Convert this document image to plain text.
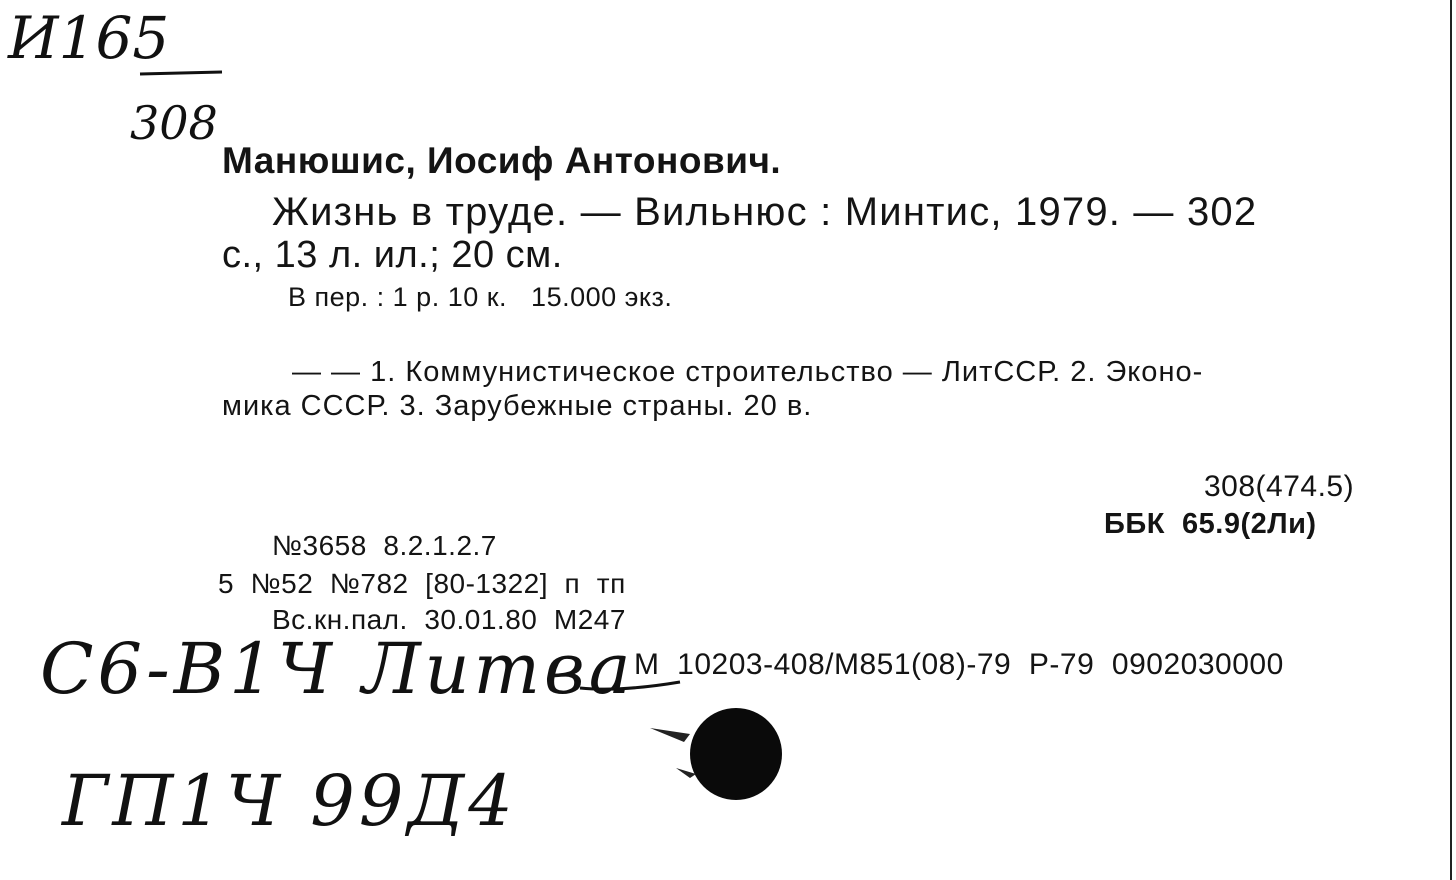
И165
308
Манюшис, Иосиф Антонович.
Жизнь в труде. — Вильнюс : Минтис, 1979. — 302
с., 13 л. ил.; 20 см.
В пер. : 1 р. 10 к.   15.000 экз.
— — 1. Коммунистическое строительство — ЛитССР. 2. Эконо-
мика СССР. 3. Зарубежные страны. 20 в.
308(474.5)
ББК  65.9(2Ли)
№3658  8.2.1.2.7
5  №52  №782  [80-1322]  п  тп
Вс.кн.пал.  30.01.80  М247
М  10203-408/М851(08)-79  Р-79  0902030000
С6-В1Ч Литва
ГП1Ч 99Д4
